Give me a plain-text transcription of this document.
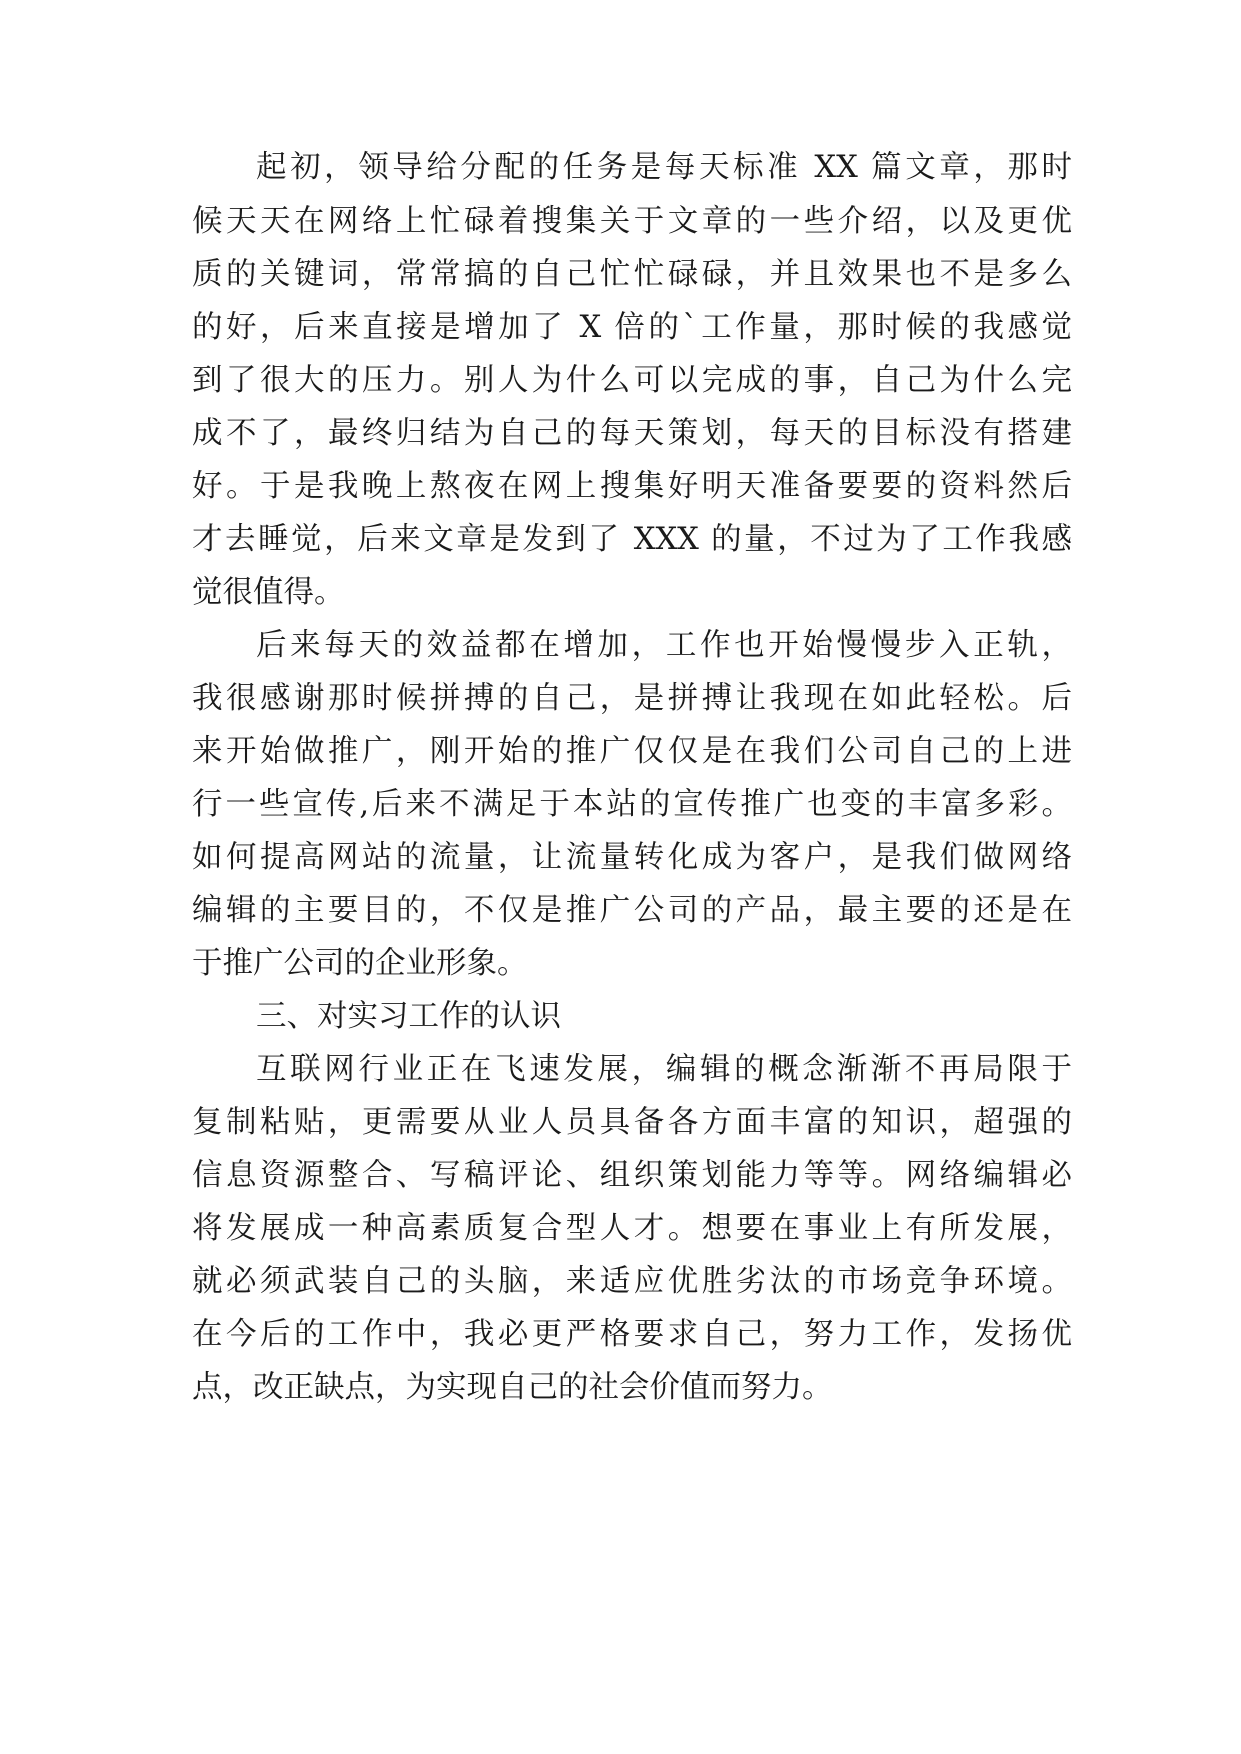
起初，领导给分配的任务是每天标准 XX 篇文章，那时
候天天在网络上忙碌着搜集关于文章的一些介绍，以及更优
质的关键词，常常搞的自己忙忙碌碌，并且效果也不是多么
的好，后来直接是增加了 X 倍的`工作量，那时候的我感觉
到了很大的压力。别人为什么可以完成的事，自己为什么完
成不了，最终归结为自己的每天策划，每天的目标没有搭建
好。于是我晚上熬夜在网上搜集好明天准备要要的资料然后
才去睡觉，后来文章是发到了 XXX 的量，不过为了工作我感
觉很值得。
后来每天的效益都在增加，工作也开始慢慢步入正轨，
我很感谢那时候拼搏的自己，是拼搏让我现在如此轻松。后
来开始做推广，刚开始的推广仅仅是在我们公司自己的上进
行一些宣传,后来不满足于本站的宣传推广也变的丰富多彩。
如何提高网站的流量，让流量转化成为客户，是我们做网络
编辑的主要目的，不仅是推广公司的产品，最主要的还是在
于推广公司的企业形象。
三、对实习工作的认识
互联网行业正在飞速发展，编辑的概念渐渐不再局限于
复制粘贴，更需要从业人员具备各方面丰富的知识，超强的
信息资源整合、写稿评论、组织策划能力等等。网络编辑必
将发展成一种高素质复合型人才。想要在事业上有所发展，
就必须武装自己的头脑，来适应优胜劣汰的市场竞争环境。
在今后的工作中，我必更严格要求自己，努力工作，发扬优
点，改正缺点，为实现自己的社会价值而努力。
